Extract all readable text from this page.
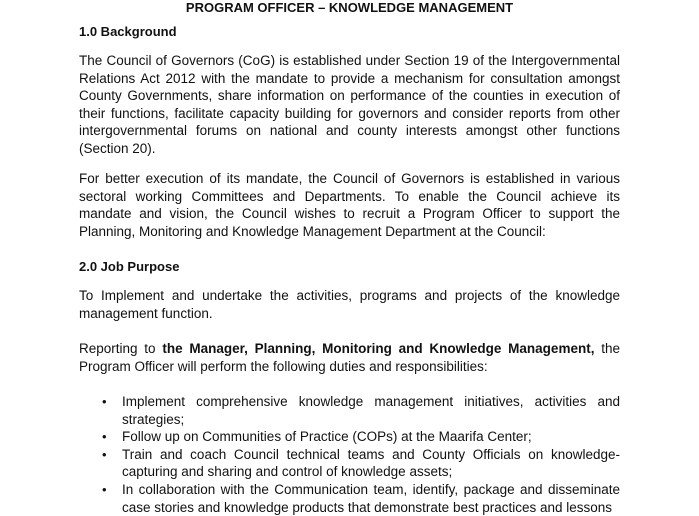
PROGRAM OFFICER – KNOWLEDGE MANAGEMENT
1.0 Background

The Council of Governors (CoG) is established under Section 19 of the Intergovernmental Relations Act 2012 with the mandate to provide a mechanism for consultation amongst County Governments, share information on performance of the counties in execution of their functions, facilitate capacity building for governors and consider reports from other intergovernmental forums on national and county interests amongst other functions (Section 20).

For better execution of its mandate, the Council of Governors is established in various sectoral working Committees and Departments. To enable the Council achieve its mandate and vision, the Council wishes to recruit a Program Officer to support the Planning, Monitoring and Knowledge Management Department at the Council:

2.0 Job Purpose

To Implement and undertake the activities, programs and projects of the knowledge management function.

Reporting to the Manager, Planning, Monitoring and Knowledge Management, the Program Officer will perform the following duties and responsibilities:

• Implement comprehensive knowledge management initiatives, activities and strategies;
• Follow up on Communities of Practice (COPs) at the Maarifa Center;
• Train and coach Council technical teams and County Officials on knowledge-capturing and sharing and control of knowledge assets;
• In collaboration with the Communication team, identify, package and disseminate case stories and knowledge products that demonstrate best practices and lessons
